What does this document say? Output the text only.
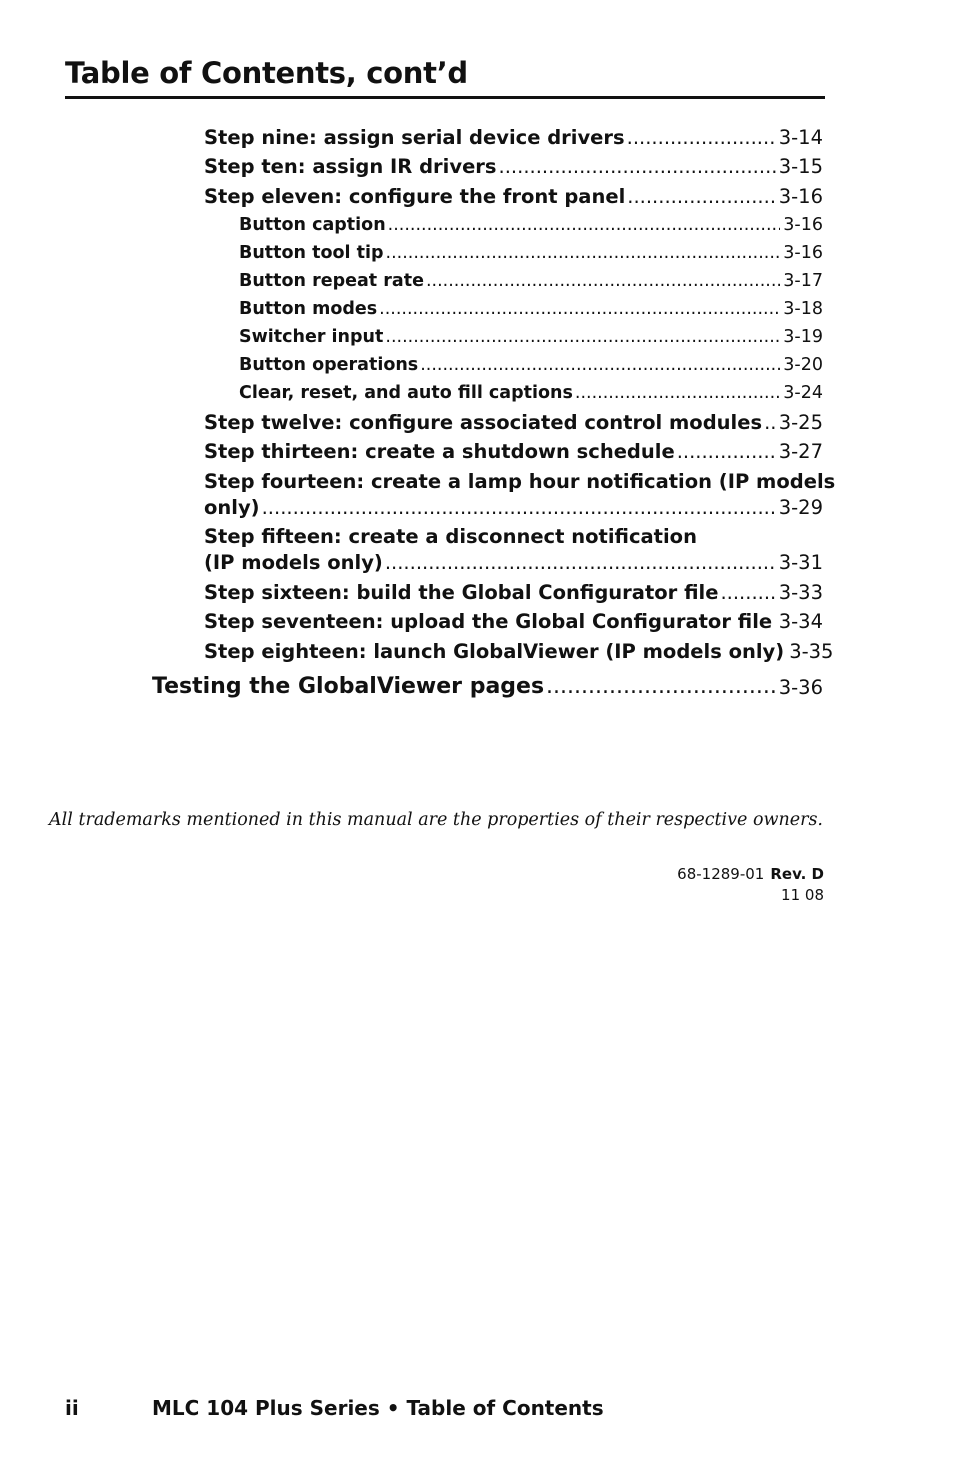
Table of Contents, cont’d
Step nine: assign serial device drivers .....	3-14
Step ten: assign IR drivers .....	3-15
Step eleven: configure the front panel .....	3-16
Button caption .....	3-16
Button tool tip .....	3-16
Button repeat rate .....	3-17
Button modes .....	3-18
Switcher input .....	3-19
Button operations .....	3-20
Clear, reset, and auto fill captions .....	3-24
Step twelve: configure associated control modules ..... 3-25
Step thirteen: create a shutdown schedule .....	3-27
Step fourteen: create a lamp hour notification (IP models
only) .....	3-29
Step fifteen: create a disconnect notification
(IP models only) .....	3-31
Step sixteen: build the Global Configurator file .....	3-33
Step seventeen: upload the Global Configurator file ..... 3-34
Step eighteen: launch GlobalViewer (IP models only) 3-35
Testing the GlobalViewer pages .....	3-36
All trademarks mentioned in this manual are the properties of their respective owners.
68-1289-01 Rev. D
11 08
ii	MLC 104 Plus Series • Table of Contents
